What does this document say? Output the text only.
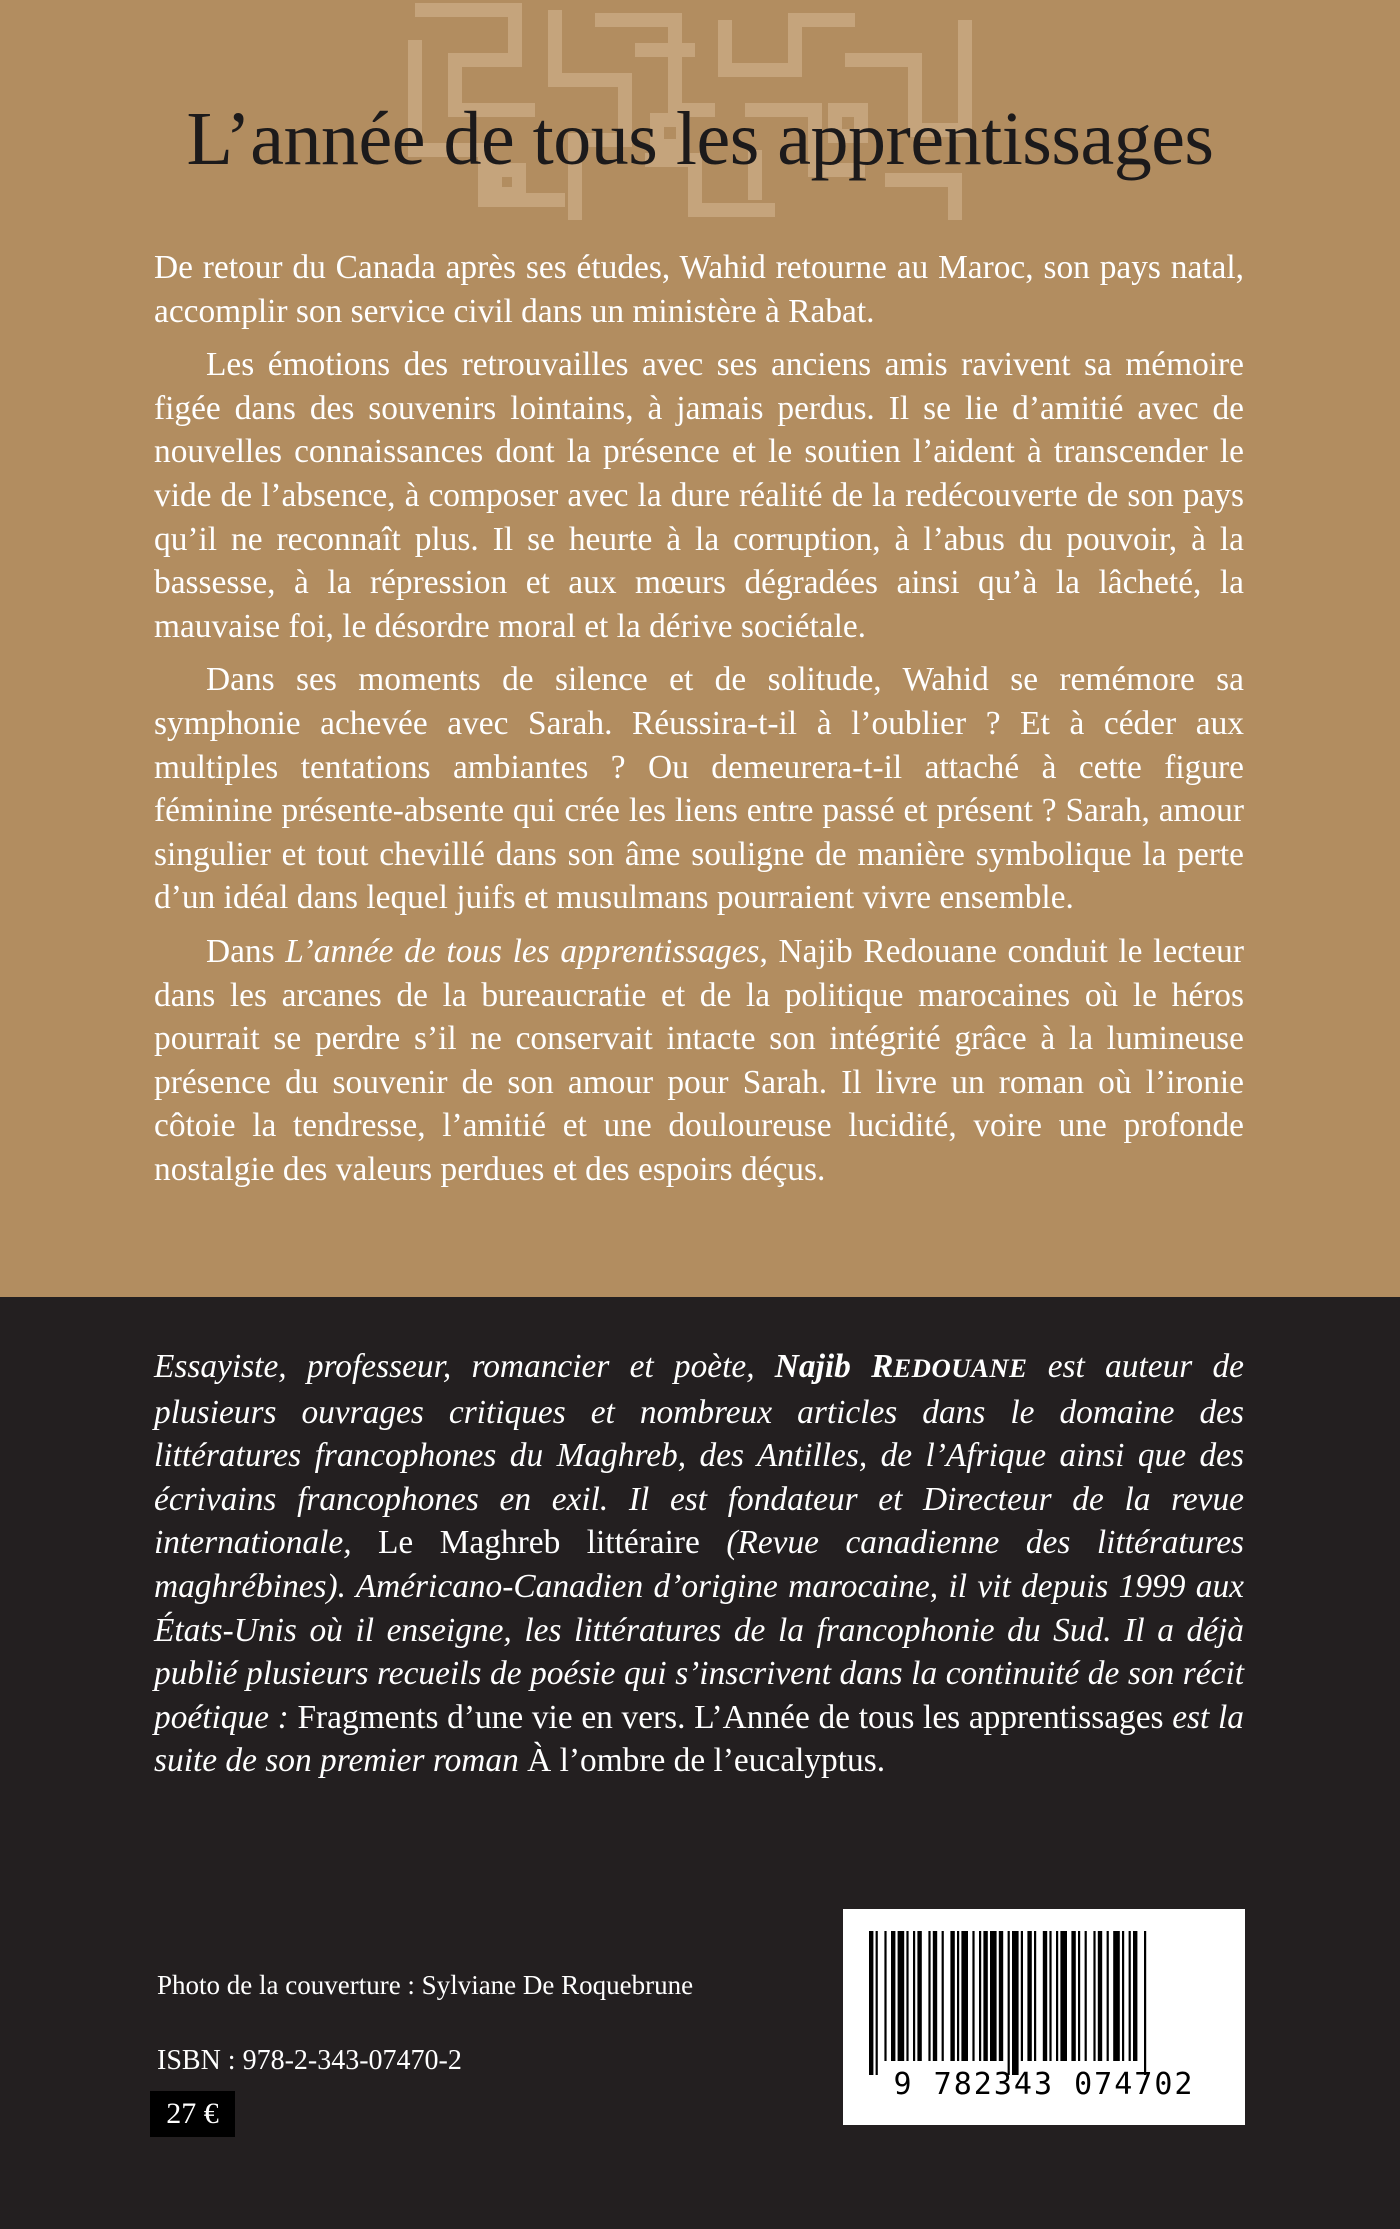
L’année de tous les apprentissages

De retour du Canada après ses études, Wahid retourne au Maroc, son pays natal, accomplir son service civil dans un ministère à Rabat.

Les émotions des retrouvailles avec ses anciens amis ravivent sa mémoire figée dans des souvenirs lointains, à jamais perdus. Il se lie d’amitié avec de nouvelles connaissances dont la présence et le soutien l’aident à transcender le vide de l’absence, à composer avec la dure réalité de la redécouverte de son pays qu’il ne reconnaît plus. Il se heurte à la corruption, à l’abus du pouvoir, à la bassesse, à la répression et aux mœurs dégradées ainsi qu’à la lâcheté, la mauvaise foi, le désordre moral et la dérive sociétale.

Dans ses moments de silence et de solitude, Wahid se remémore sa symphonie achevée avec Sarah. Réussira-t-il à l’oublier ? Et à céder aux multiples tentations ambiantes ? Ou demeurera-t-il attaché à cette figure féminine présente-absente qui crée les liens entre passé et présent ? Sarah, amour singulier et tout chevillé dans son âme souligne de manière symbolique la perte d’un idéal dans lequel juifs et musulmans pourraient vivre ensemble.

Dans L’année de tous les apprentissages, Najib Redouane conduit le lecteur dans les arcanes de la bureaucratie et de la politique marocaines où le héros pourrait se perdre s’il ne conservait intacte son intégrité grâce à la lumineuse présence du souvenir de son amour pour Sarah. Il livre un roman où l’ironie côtoie la tendresse, l’amitié et une douloureuse lucidité, voire une profonde nostalgie des valeurs perdues et des espoirs déçus.

Essayiste, professeur, romancier et poète, Najib REDOUANE est auteur de plusieurs ouvrages critiques et nombreux articles dans le domaine des littératures francophones du Maghreb, des Antilles, de l’Afrique ainsi que des écrivains francophones en exil. Il est fondateur et Directeur de la revue internationale, Le Maghreb littéraire (Revue canadienne des littératures maghrébines). Américano-Canadien d’origine marocaine, il vit depuis 1999 aux États-Unis où il enseigne, les littératures de la francophonie du Sud. Il a déjà publié plusieurs recueils de poésie qui s’inscrivent dans la continuité de son récit poétique : Fragments d’une vie en vers. L’Année de tous les apprentissages est la suite de son premier roman À l’ombre de l’eucalyptus.

Photo de la couverture : Sylviane De Roquebrune

ISBN : 978-2-343-07470-2

27 €
9 782343 074702
